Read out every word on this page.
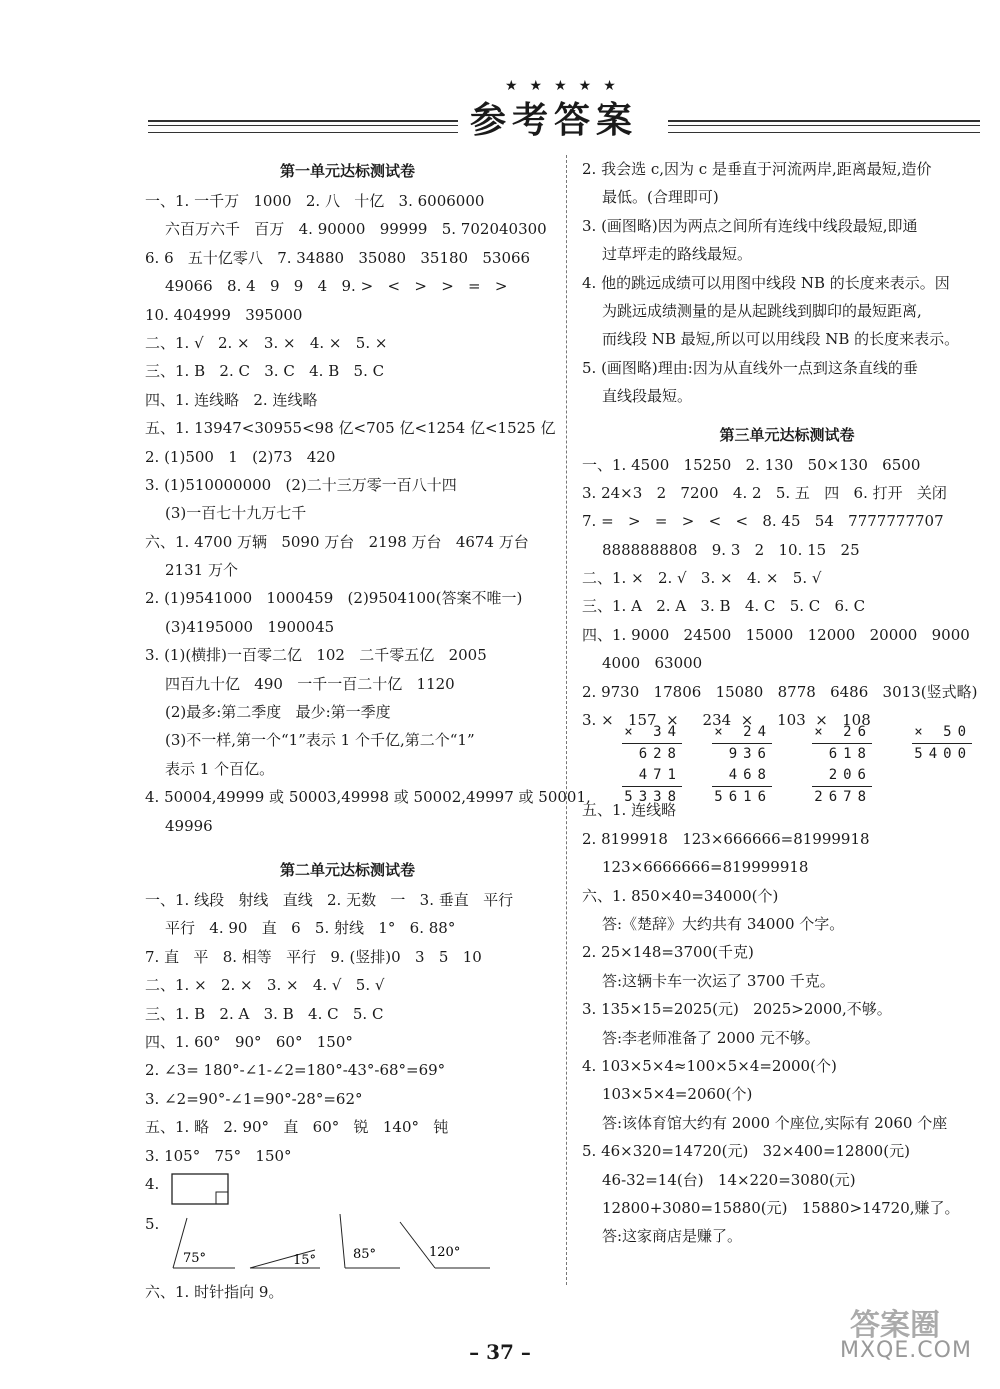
★★★★★
参考答案
第一单元达标测试卷
一、1. 一千万   1000   2. 八   十亿   3. 6006000
六百万六千   百万   4. 90000   99999   5. 702040300
6. 6   五十亿零八   7. 34880   35080   35180   53066
49066   8. 4   9   9   4   9. >   <   >   >   =   >
10. 404999   395000
二、1. √   2. ×   3. ×   4. ×   5. ×
三、1. B   2. C   3. C   4. B   5. C
四、1. 连线略   2. 连线略
五、1. 13947<30955<98 亿<705 亿<1254 亿<1525 亿
2. (1)500   1   (2)73   420
3. (1)510000000   (2)二十三万零一百八十四
(3)一百七十九万七千
六、1. 4700 万辆   5090 万台   2198 万台   4674 万台
2131 万个
2. (1)9541000   1000459   (2)9504100(答案不唯一)
(3)4195000   1900045
3. (1)(横排)一百零二亿   102   二千零五亿   2005
四百九十亿   490   一千一百二十亿   1120
(2)最多:第二季度   最少:第一季度
(3)不一样,第一个“1”表示 1 个千亿,第二个“1”
表示 1 个百亿。
4. 50004,49999 或 50003,49998 或 50002,49997 或 50001,
49996
第二单元达标测试卷
一、1. 线段   射线   直线   2. 无数   一   3. 垂直   平行
平行   4. 90   直   6   5. 射线   1°   6. 88°
7. 直   平   8. 相等   平行   9. (竖排)0   3   5   10
二、1. ×   2. ×   3. ×   4. √   5. √
三、1. B   2. A   3. B   4. C   5. C
四、1. 60°   90°   60°   150°
2. ∠3= 180°-∠1-∠2=180°-43°-68°=69°
3. ∠2=90°-∠1=90°-28°=62°
五、1. 略   2. 90°   直   60°   锐   140°   钝
3. 105°   75°   150°
4.
5.
75°	15°	85°	120°
六、1. 时针指向 9。
2. 我会选 c,因为 c 是垂直于河流两岸,距离最短,造价
最低。(合理即可)
3. (画图略)因为两点之间所有连线中线段最短,即通
过草坪走的路线最短。
4. 他的跳远成绩可以用图中线段 NB 的长度来表示。因
为跳远成绩测量的是从起跳线到脚印的最短距离,
而线段 NB 最短,所以可以用线段 NB 的长度来表示。
5. (画图略)理由:因为从直线外一点到这条直线的垂
直线段最短。
第三单元达标测试卷
一、1. 4500   15250   2. 130   50×130   6500
3. 24×3   2   7200   4. 2   5. 五   四   6. 打开   关闭
7. =   >   =   >   <   <   8. 45   54   7777777707
8888888808   9. 3   2   10. 15   25
二、1. ×   2. √   3. ×   4. ×   5. √
三、1. A   2. A   3. B   4. C   5. C   6. C
四、1. 9000   24500   15000   12000   20000   9000
4000   63000
2. 9730   17806   15080   8778   6486   3013(竖式略)
3. ×   157  ×     234  ×     103  ×   108
× 34
628
471
5338
× 24
936
468
5616
× 26
618
206
2678
× 50
5400
五、1. 连线略
2. 8199918   123×666666=81999918
123×6666666=819999918
六、1. 850×40=34000(个)
答:《楚辞》大约共有 34000 个字。
2. 25×148=3700(千克)
答:这辆卡车一次运了 3700 千克。
3. 135×15=2025(元)   2025>2000,不够。
答:李老师准备了 2000 元不够。
4. 103×5×4≈100×5×4=2000(个)
103×5×4=2060(个)
答:该体育馆大约有 2000 个座位,实际有 2060 个座
5. 46×320=14720(元)   32×400=12800(元)
46-32=14(台)   14×220=3080(元)
12800+3080=15880(元)   15880>14720,赚了。
答:这家商店是赚了。
– 37 –
答案圈
MXQE.COM
